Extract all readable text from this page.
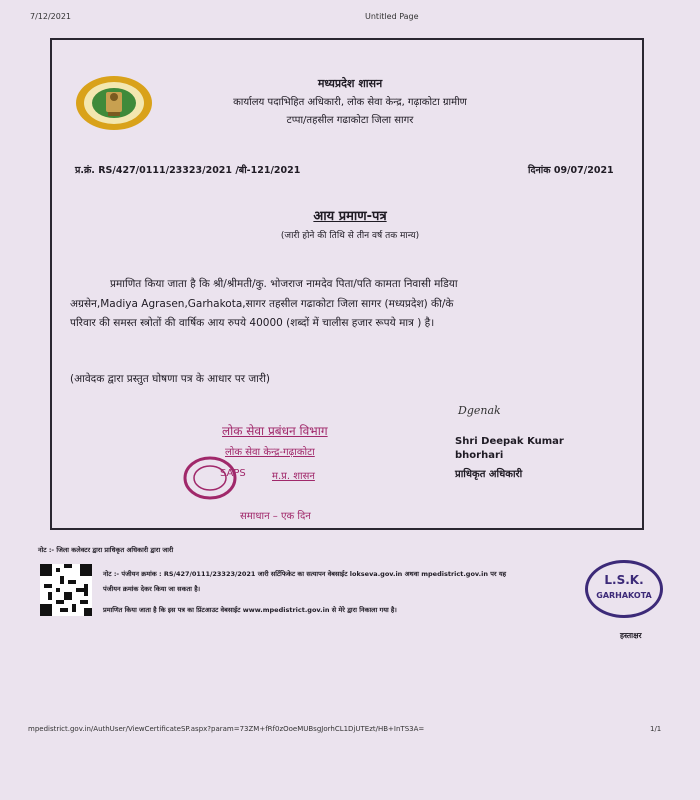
7/12/2021	Untitled Page
मध्यप्रदेश शासन
कार्यालय पदाभिहित अधिकारी, लोक सेवा केन्द्र, गढ़ाकोटा ग्रामीण
टप्पा/तहसील गढाकोटा जिला सागर
प्र.क्रं. RS/427/0111/23323/2021 /बी-121/2021	दिनांक 09/07/2021
आय प्रमाण-पत्र
(जारी होने की तिथि से तीन वर्ष तक मान्य)
प्रमाणित किया जाता है कि श्री/श्रीमती/कु. भोजराज नामदेव पिता/पति कामता निवासी मडिया
अग्रसेन,Madiya Agrasen,Garhakota,सागर तहसील गढाकोटा जिला सागर (मध्यप्रदेश) की/के
परिवार की समस्त स्त्रोतों की वार्षिक आय रुपये 40000 (शब्दों में चालीस हजार रूपये मात्र ) है।
(आवेदक द्वारा प्रस्तुत घोषणा पत्र के आधार पर जारी)
Dgenak
Shri Deepak Kumar
bhorhari
प्राधिकृत अधिकारी
लोक सेवा प्रबंधन विभाग
लोक सेवा केन्द्र-गढ़ाकोटा
SAPS	म.प्र. शासन
समाधान – एक दिन
नोट :- जिला कलेक्टर द्वारा प्राधिकृत अधिकारी द्वारा जारी
नोट :- पंजीयन क्रमांक : RS/427/0111/23323/2021 जारी सर्टिफिकेट का सत्यापन वेबसाईट lokseva.gov.in अथवा mpedistrict.gov.in पर यह
पंजीयन क्रमांक देकर किया जा सकता है।
प्रमाणित किया जाता है कि इस पत्र का प्रिंटआउट वेबसाईट www.mpedistrict.gov.in से मेरे द्वारा निकाला गया है।
L.S.K.
GARHAKOTA
हस्ताक्षर
mpedistrict.gov.in/AuthUser/ViewCertificateSP.aspx?param=73ZM+fRf0zOoeMUBsgJorhCL1DjUTEzt/HB+InTS3A=	1/1
